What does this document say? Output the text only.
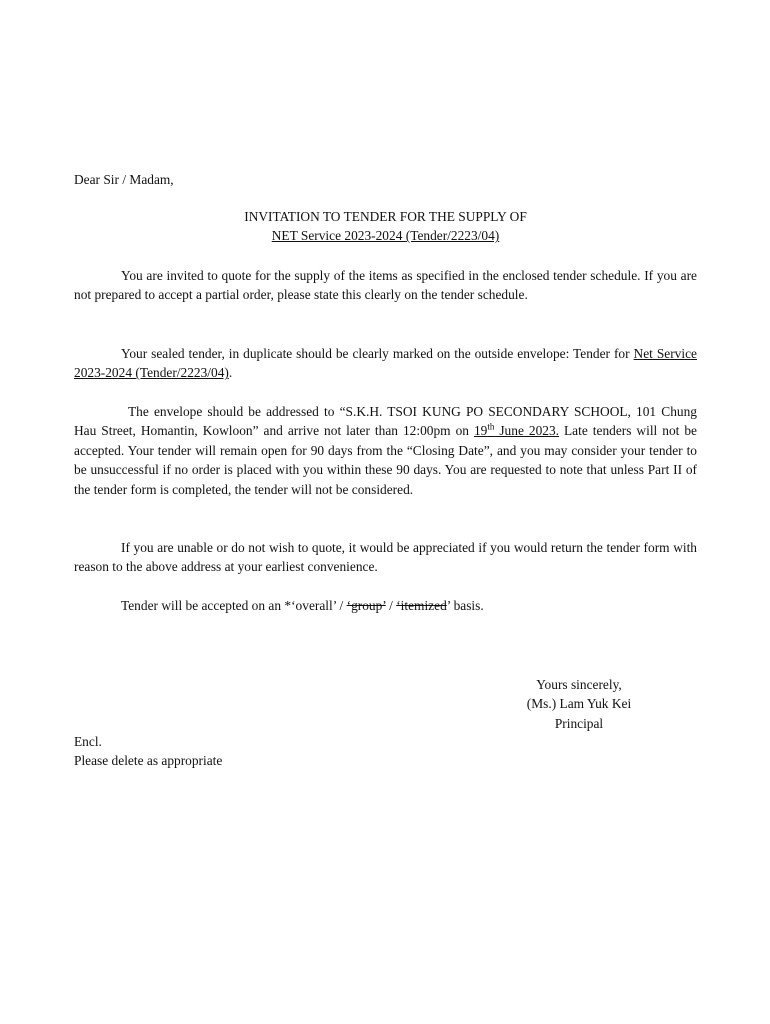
Dear Sir / Madam,
INVITATION TO TENDER FOR THE SUPPLY OF
NET Service 2023-2024 (Tender/2223/04)
You are invited to quote for the supply of the items as specified in the enclosed tender schedule. If you are not prepared to accept a partial order, please state this clearly on the tender schedule.
Your sealed tender, in duplicate should be clearly marked on the outside envelope: Tender for Net Service 2023-2024 (Tender/2223/04).
The envelope should be addressed to “S.K.H. TSOI KUNG PO SECONDARY SCHOOL, 101 Chung Hau Street, Homantin, Kowloon” and arrive not later than 12:00pm on 19th June 2023. Late tenders will not be accepted. Your tender will remain open for 90 days from the “Closing Date”, and you may consider your tender to be unsuccessful if no order is placed with you within these 90 days. You are requested to note that unless Part II of the tender form is completed, the tender will not be considered.
If you are unable or do not wish to quote, it would be appreciated if you would return the tender form with reason to the above address at your earliest convenience.
Tender will be accepted on an *‘overall’ / ‘group’ / ‘itemized’ basis.
Yours sincerely,
(Ms.) Lam Yuk Kei
Principal
Encl.
Please delete as appropriate
